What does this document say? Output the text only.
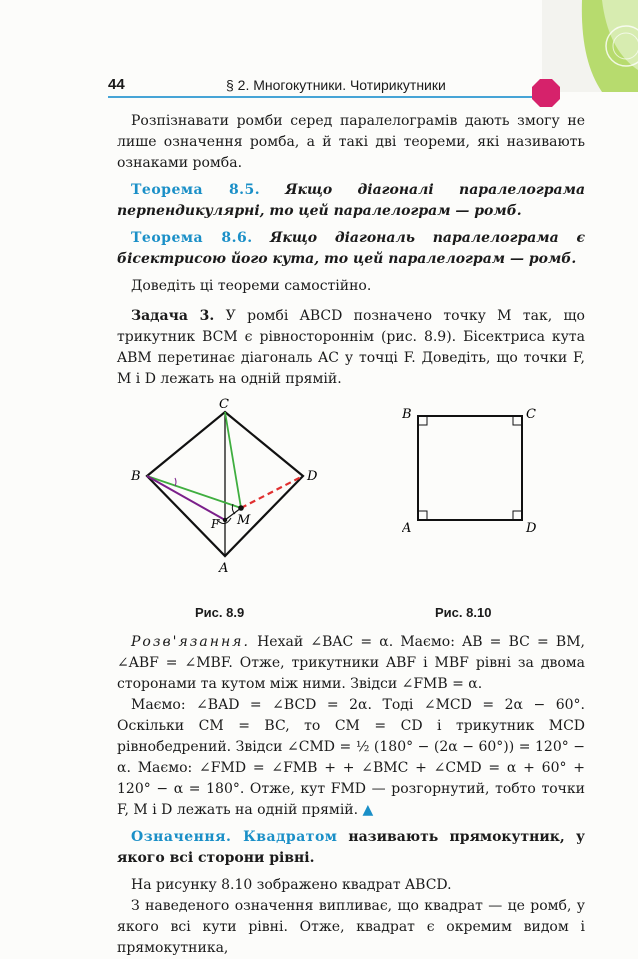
44	§ 2. Многокутники. Чотирикутники

Розпізнавати ромби серед паралелограмів дають змогу не лише означення ромба, а й такі дві теореми, які називають ознаками ромба.

Теорема 8.5. Якщо діагоналі паралелограма перпендикулярні, то цей паралелограм — ромб.

Теорема 8.6. Якщо діагональ паралелограма є бісектрисою його кута, то цей паралелограм — ромб.

Доведіть ці теореми самостійно.

Задача 3. У ромбі ABCD позначено точку M так, що трикутник BCM є рівностороннім (рис. 8.9). Бісектриса кута ABM перетинає діагональ AC у точці F. Доведіть, що точки F, M і D лежать на одній прямій.

C
B	D
A
M
F
B	C
A	D
Рис. 8.9	Рис. 8.10

Розв'язання. Нехай ∠BAC = α. Маємо: AB = BC = BM, ∠ABF = ∠MBF. Отже, трикутники ABF і MBF рівні за двома сторонами та кутом між ними. Звідси ∠FMB = α.

Маємо: ∠BAD = ∠BCD = 2α. Тоді ∠MCD = 2α − 60°. Оскільки CM = BC, то CM = CD і трикутник MCD рівнобедрений. Звідси ∠CMD = ½ (180° − (2α − 60°)) = 120° − α. Маємо: ∠FMD = ∠FMB + + ∠BMC + ∠CMD = α + 60° + 120° − α = 180°. Отже, кут FMD — розгорнутий, тобто точки F, M і D лежать на одній прямій. ▲

Означення. Квадратом називають прямокутник, у якого всі сторони рівні.

На рисунку 8.10 зображено квадрат ABCD.

З наведеного означення випливає, що квадрат — це ромб, у якого всі кути рівні. Отже, квадрат є окремим видом і прямокутника,
